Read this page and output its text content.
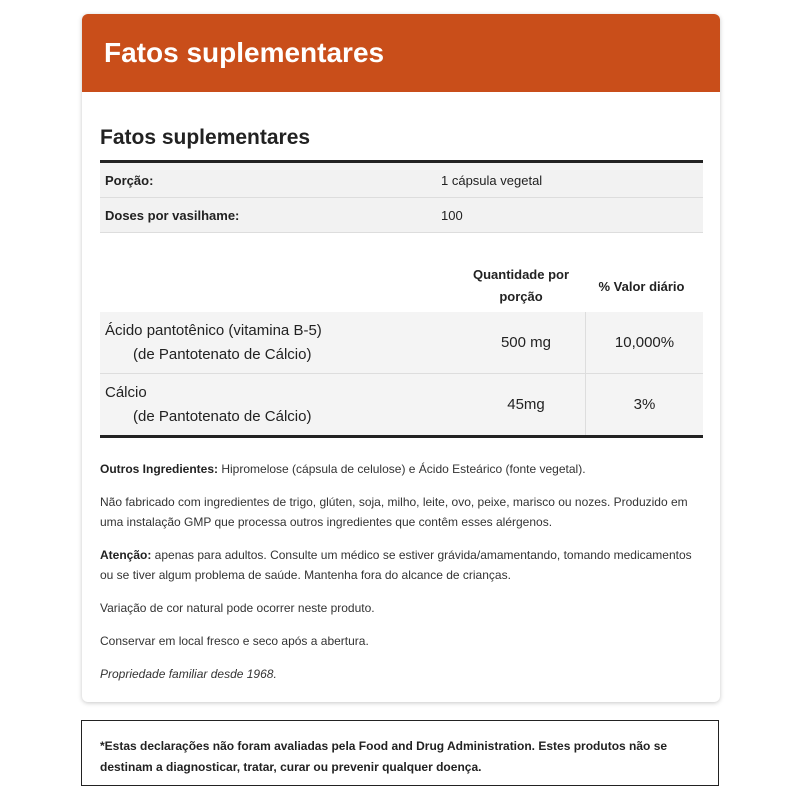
Fatos suplementares
Fatos suplementares
Porção:	1 cápsula vegetal
Doses por vasilhame:	100
Quantidade por porção
% Valor diário
Ácido pantotênico (vitamina B-5)
(de Pantotenato de Cálcio)
500 mg	10,000%
Cálcio
(de Pantotenato de Cálcio)
45mg	3%

Outros Ingredientes: Hipromelose (cápsula de celulose) e Ácido Esteárico (fonte vegetal).

Não fabricado com ingredientes de trigo, glúten, soja, milho, leite, ovo, peixe, marisco ou nozes. Produzido em uma instalação GMP que processa outros ingredientes que contêm esses alérgenos.

Atenção: apenas para adultos. Consulte um médico se estiver grávida/amamentando, tomando medicamentos ou se tiver algum problema de saúde. Mantenha fora do alcance de crianças.

Variação de cor natural pode ocorrer neste produto.

Conservar em local fresco e seco após a abertura.

Propriedade familiar desde 1968.

*Estas declarações não foram avaliadas pela Food and Drug Administration. Estes produtos não se destinam a diagnosticar, tratar, curar ou prevenir qualquer doença.
